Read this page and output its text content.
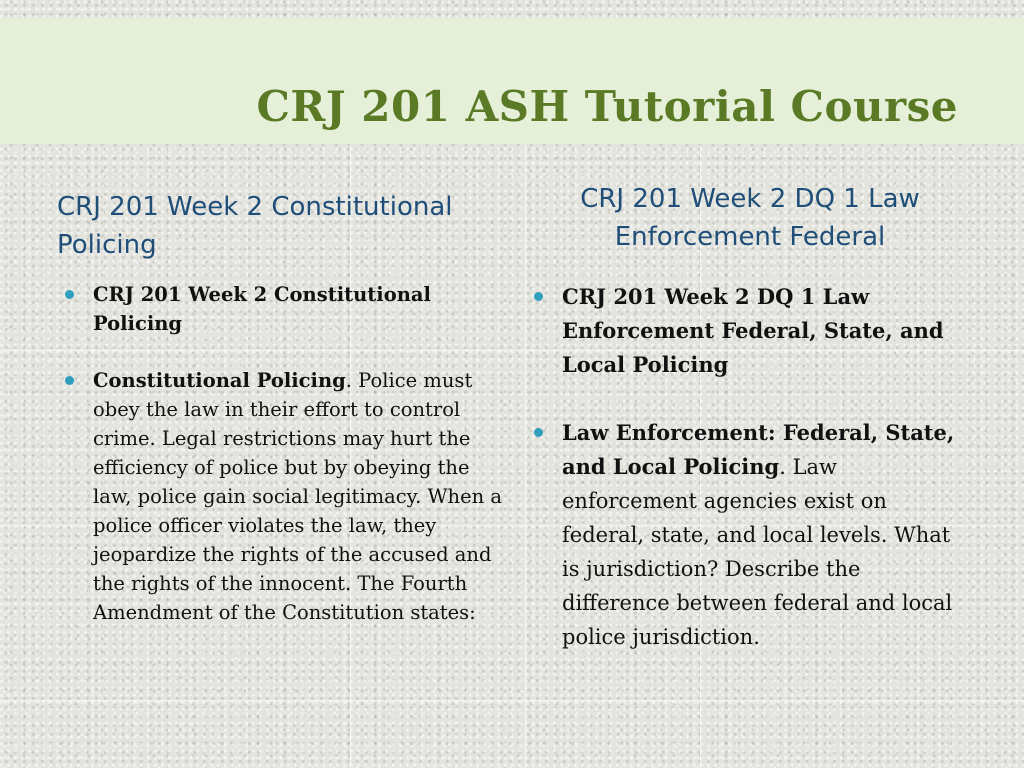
CRJ 201 ASH Tutorial Course
CRJ 201 Week 2 Constitutional Policing
CRJ 201 Week 2 Constitutional Policing
Constitutional Policing. Police must obey the law in their effort to control crime. Legal restrictions may hurt the efficiency of police but by obeying the law, police gain social legitimacy. When a police officer violates the law, they jeopardize the rights of the accused and the rights of the innocent. The Fourth Amendment of the Constitution states:
CRJ 201 Week 2 DQ 1 Law Enforcement Federal
CRJ 201 Week 2 DQ 1 Law Enforcement Federal, State, and Local Policing
Law Enforcement: Federal, State, and Local Policing. Law enforcement agencies exist on federal, state, and local levels. What is jurisdiction? Describe the difference between federal and local police jurisdiction.
